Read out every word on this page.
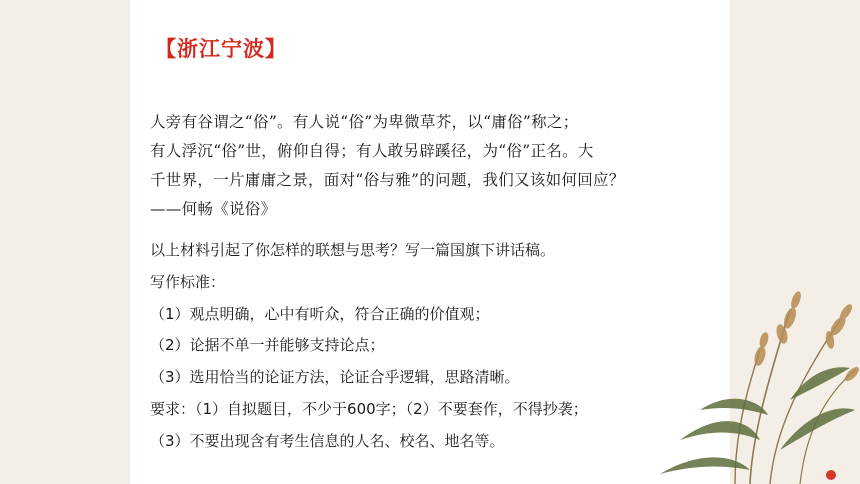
【浙江宁波】
人旁有谷谓之“俗”。有人说“俗”为卑微草芥，以“庸俗”称之；
有人浮沉“俗”世，俯仰自得；有人敢另辟蹊径，为“俗”正名。大
千世界，一片庸庸之景，面对“俗与雅”的问题，我们又该如何回应？
——何畅《说俗》
以上材料引起了你怎样的联想与思考？写一篇国旗下讲话稿。
写作标准：
（1）观点明确，心中有听众，符合正确的价值观；
（2）论据不单一并能够支持论点；
（3）选用恰当的论证方法，论证合乎逻辑，思路清晰。
要求：（1）自拟题目，不少于600字；（2）不要套作，不得抄袭；
（3）不要出现含有考生信息的人名、校名、地名等。
